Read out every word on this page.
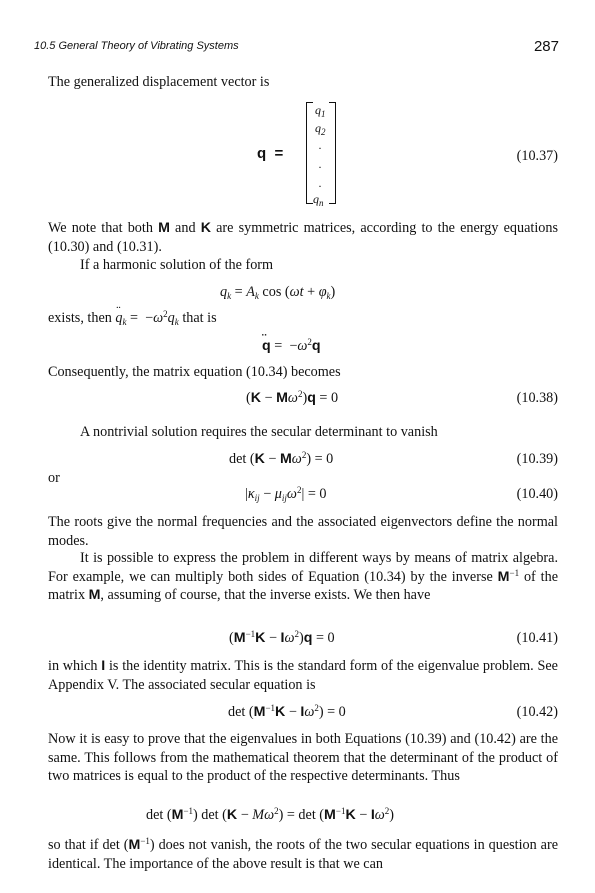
10.5 General Theory of Vibrating Systems	287
The generalized displacement vector is
q  =
$q_1$
$q_2$
·
·
·
$q_n$
(10.37)
We note that both M and K are symmetric matrices, according to the energy equations (10.30) and (10.31).
If a harmonic solution of the form
$q_k = A_k$ $\cos (\omega t + \varphi_k)$
exists, then ¨ $q_k = -\omega^2q_k$ that is
¨ $q = -\omega^2q$
Consequently, the matrix equation (10.34) becomes
$(K - M\omega^2)q = 0$	(10.38)
A nontrivial solution requires the secular determinant to vanish
$\det (K - M\omega^2) = 0$	(10.39)
or
$|\kappa_{ij} - \mu_{ij}\omega^2| = 0$	(10.40)
The roots give the normal frequencies and the associated eigenvectors define the normal modes.
It is possible to express the problem in different ways by means of matrix algebra. For example, we can multiply both sides of Equation (10.34) by the inverse $M^{-1}$ of the matrix M, assuming of course, that the inverse exists. We then have
$(M^{-1}K - I\omega^2)q = 0$	(10.41)
in which I is the identity matrix. This is the standard form of the eigenvalue problem. See Appendix V. The associated secular equation is
$\det (M^{-1}K - I\omega^2) = 0$	(10.42)
Now it is easy to prove that the eigenvalues in both Equations (10.39) and (10.42) are the same. This follows from the mathematical theorem that the determinant of the product of two matrices is equal to the product of the respective determinants. Thus
$\det (M^{-1})$ $\det (K - M\omega^2) = \det (M^{-1}K - I\omega^2)$
so that if $\det (M^{-1})$ does not vanish, the roots of the two secular equations in question are identical. The importance of the above result is that we can
